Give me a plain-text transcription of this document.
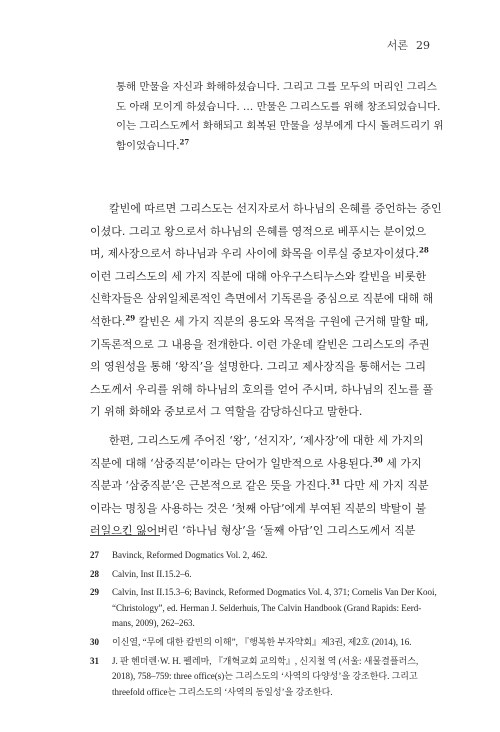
서론 29

통해 만물을 자신과 화해하셨습니다. 그리고 그를 모두의 머리인 그리스
도 아래 모이게 하셨습니다. … 만물은 그리스도를 위해 창조되었습니다.
이는 그리스도께서 화해되고 회복된 만물을 성부에게 다시 돌려드리기 위
함이었습니다.$^{27}$

칼빈에 따르면 그리스도는 선지자로서 하나님의 은혜를 증언하는 증인
이셨다. 그리고 왕으로서 하나님의 은혜를 영적으로 베푸시는 분이었으
며, 제사장으로서 하나님과 우리 사이에 화목을 이루실 중보자이셨다.$^{28}$
이런 그리스도의 세 가지 직분에 대해 아우구스티누스와 칼빈을 비롯한
신학자들은 삼위일체론적인 측면에서 기독론을 중심으로 직분에 대해 해
석한다.$^{29}$ 칼빈은 세 가지 직분의 용도와 목적을 구원에 근거해 말할 때,
기독론적으로 그 내용을 전개한다. 이런 가운데 칼빈은 그리스도의 주권
의 영원성을 통해 ‘왕직’을 설명한다. 그리고 제사장직을 통해서는 그리
스도께서 우리를 위해 하나님의 호의를 얻어 주시며, 하나님의 진노를 풀
기 위해 화해와 중보로서 그 역할을 감당하신다고 말한다.

한편, 그리스도께 주어진 ‘왕’, ‘선지자’, ‘제사장’에 대한 세 가지의
직분에 대해 ‘삼중직분’이라는 단어가 일반적으로 사용된다.$^{30}$ 세 가지
직분과 ‘삼중직분’은 근본적으로 같은 뜻을 가진다.$^{31}$ 다만 세 가지 직분
이라는 명칭을 사용하는 것은 ‘첫째 아담’에게 부여된 직분의 박탈이 불
러일으킨 잃어버린 ‘하나님 형상’을 ‘둘째 아담’인 그리스도께서 직분

27	Bavinck, Reformed Dogmatics Vol. 2, 462.
28	Calvin, Inst II.15.2–6.
29	Calvin, Inst II.15.3–6; Bavinck, Reformed Dogmatics Vol. 4, 371; Cornelis Van Der Kooi,
“Christology”, ed. Herman J. Selderhuis, The Calvin Handbook (Grand Rapids: Eerd-
mans, 2009), 262–263.
30	이신열, “무에 대한 칼빈의 이해”, 『행복한 부자약회』제3권, 제2호 (2014), 16.
31	J. 판 헨더렌·W. H. 펠레마, 『개혁교회 교의학』, 신지철 역 (서울: 새물결플러스,
2018), 758–759: three office(s)는 그리스도의 ‘사역의 다양성’을 강조한다. 그리고
threefold office는 그리스도의 ‘사역의 동일성’을 강조한다.
